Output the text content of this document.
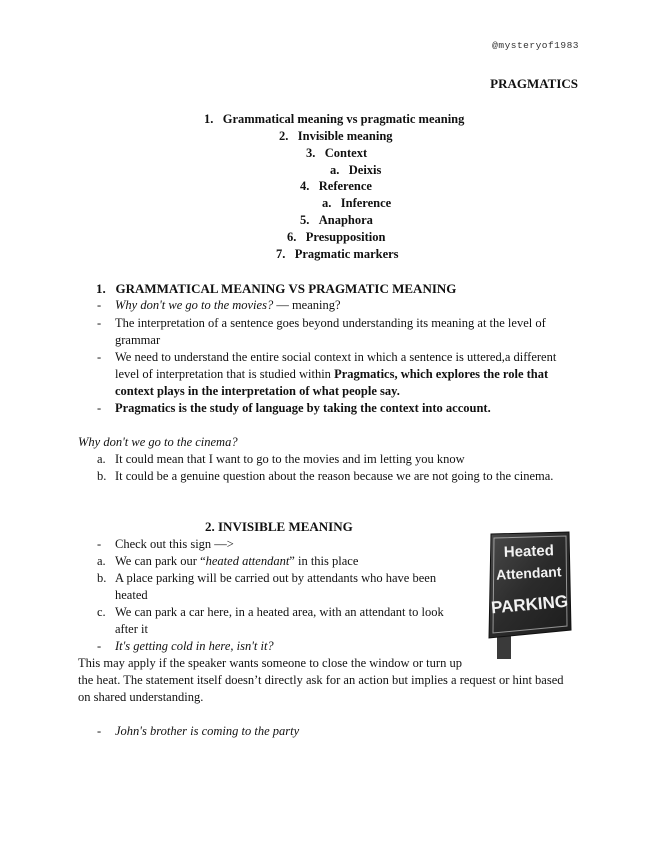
@mysteryof1983
PRAGMATICS
1. Grammatical meaning vs pragmatic meaning
2. Invisible meaning
3. Context
a. Deixis
4. Reference
a. Inference
5. Anaphora
6. Presupposition
7. Pragmatic markers
1. GRAMMATICAL MEANING VS PRAGMATIC MEANING
- Why don't we go to the movies? — meaning?
- The interpretation of a sentence goes beyond understanding its meaning at the level of
grammar
- We need to understand the entire social context in which a sentence is uttered,a different
level of interpretation that is studied within Pragmatics, which explores the role that
context plays in the interpretation of what people say.
- Pragmatics is the study of language by taking the context into account.
Why don't we go to the cinema?
a. It could mean that I want to go to the movies and im letting you know
b. It could be a genuine question about the reason because we are not going to the cinema.
2. INVISIBLE MEANING
- Check out this sign —>
a. We can park our “heated attendant” in this place
b. A place parking will be carried out by attendants who have been
heated
c. We can park a car here, in a heated area, with an attendant to look
after it
- It's getting cold in here, isn't it?
This may apply if the speaker wants someone to close the window or turn up
the heat. The statement itself doesn’t directly ask for an action but implies a request or hint based
on shared understanding.
- John's brother is coming to the party
Heated
Attendant
PARKING
